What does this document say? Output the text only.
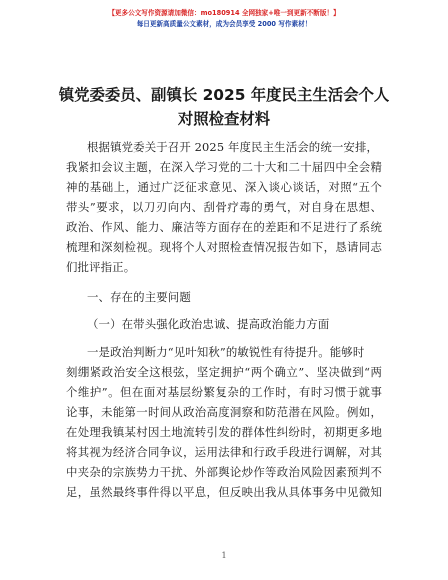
【更多公文写作资源请加微信：mo180914 全网独家+唯一到更新不断版！】
每日更新高质量公文素材，成为会员享受 2000 写作素材！
镇党委委员、副镇长 2025 年度民主生活会个人
对照检查材料
根据镇党委关于召开 2025 年度民主生活会的统一安排，
我紧扣会议主题，在深入学习党的二十大和二十届四中全会精
神的基础上，通过广泛征求意见、深入谈心谈话，对照“五个
带头”要求，以刀刃向内、刮骨疗毒的勇气，对自身在思想、
政治、作风、能力、廉洁等方面存在的差距和不足进行了系统
梳理和深刻检视。现将个人对照检查情况报告如下，恳请同志
们批评指正。
一、存在的主要问题
（一）在带头强化政治忠诚、提高政治能力方面
一是政治判断力“见叶知秋”的敏锐性有待提升。能够时
刻绷紧政治安全这根弦，坚定拥护“两个确立”、坚决做到“两
个维护”。但在面对基层纷繁复杂的工作时，有时习惯于就事
论事，未能第一时间从政治高度洞察和防范潜在风险。例如，
在处理我镇某村因土地流转引发的群体性纠纷时，初期更多地
将其视为经济合同争议，运用法律和行政手段进行调解，对其
中夹杂的宗族势力干扰、外部舆论炒作等政治风险因素预判不
足，虽然最终事件得以平息，但反映出我从具体事务中见微知
1
